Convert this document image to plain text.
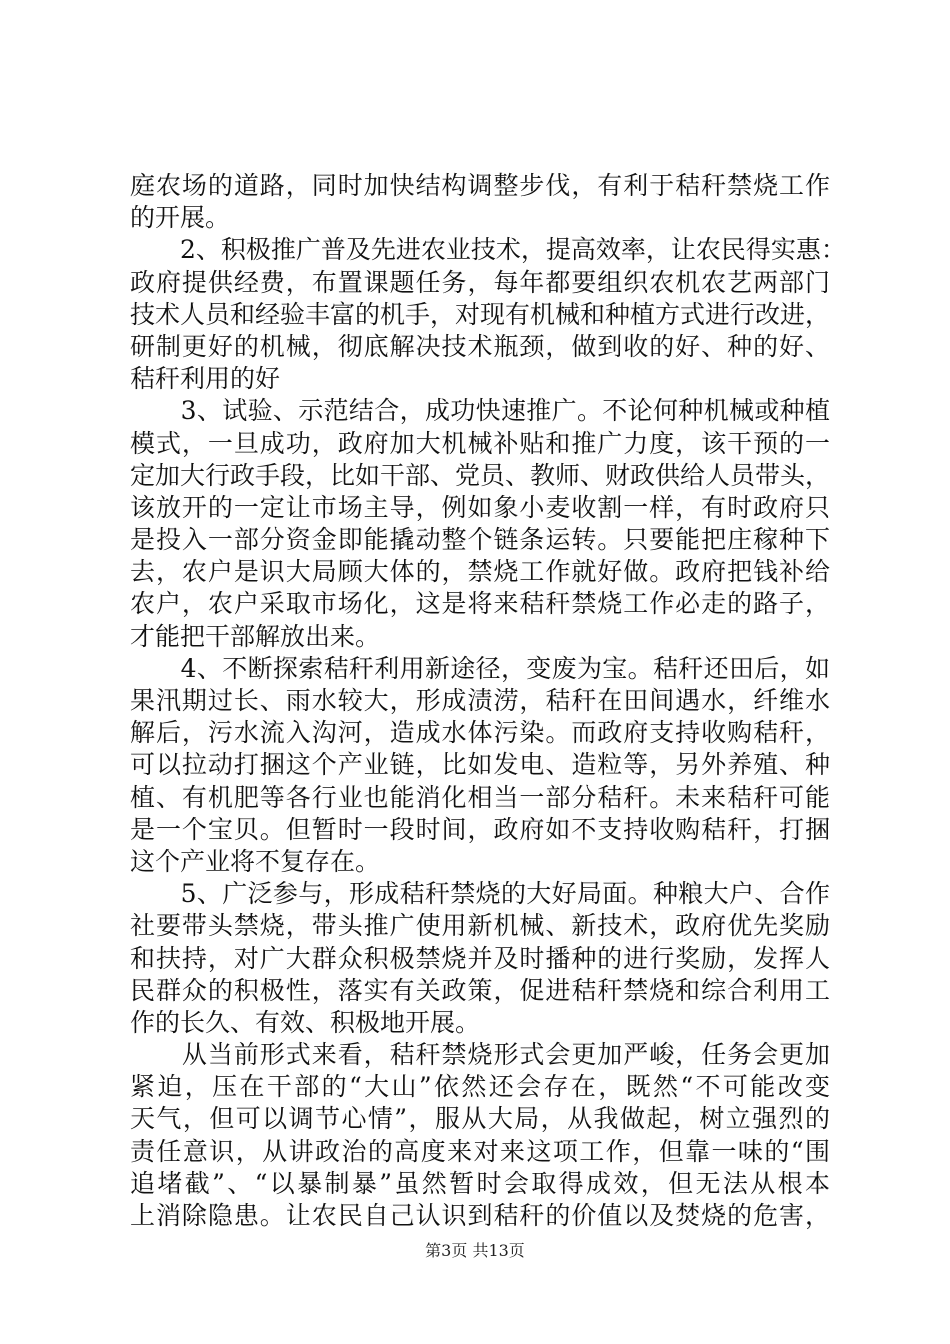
庭农场的道路，同时加快结构调整步伐，有利于秸秆禁烧工作
的开展。
　　2、积极推广普及先进农业技术，提高效率，让农民得实惠：
政府提供经费，布置课题任务，每年都要组织农机农艺两部门
技术人员和经验丰富的机手，对现有机械和种植方式进行改进，
研制更好的机械，彻底解决技术瓶颈，做到收的好、种的好、
秸秆利用的好
　　3、试验、示范结合，成功快速推广。不论何种机械或种植
模式，一旦成功，政府加大机械补贴和推广力度，该干预的一
定加大行政手段，比如干部、党员、教师、财政供给人员带头，
该放开的一定让市场主导，例如象小麦收割一样，有时政府只
是投入一部分资金即能撬动整个链条运转。只要能把庄稼种下
去，农户是识大局顾大体的，禁烧工作就好做。政府把钱补给
农户，农户采取市场化，这是将来秸秆禁烧工作必走的路子，
才能把干部解放出来。
　　4、不断探索秸秆利用新途径，变废为宝。秸秆还田后，如
果汛期过长、雨水较大，形成渍涝，秸秆在田间遇水，纤维水
解后，污水流入沟河，造成水体污染。而政府支持收购秸秆，
可以拉动打捆这个产业链，比如发电、造粒等，另外养殖、种
植、有机肥等各行业也能消化相当一部分秸秆。未来秸秆可能
是一个宝贝。但暂时一段时间，政府如不支持收购秸秆，打捆
这个产业将不复存在。
　　5、广泛参与，形成秸秆禁烧的大好局面。种粮大户、合作
社要带头禁烧，带头推广使用新机械、新技术，政府优先奖励
和扶持，对广大群众积极禁烧并及时播种的进行奖励，发挥人
民群众的积极性，落实有关政策，促进秸秆禁烧和综合利用工
作的长久、有效、积极地开展。
　　从当前形式来看，秸秆禁烧形式会更加严峻，任务会更加
紧迫，压在干部的“大山”依然还会存在，既然“不可能改变
天气，但可以调节心情”，服从大局，从我做起，树立强烈的
责任意识，从讲政治的高度来对来这项工作，但靠一味的“围
追堵截”、“以暴制暴”虽然暂时会取得成效，但无法从根本
上消除隐患。让农民自己认识到秸秆的价值以及焚烧的危害，
第3页 共13页
